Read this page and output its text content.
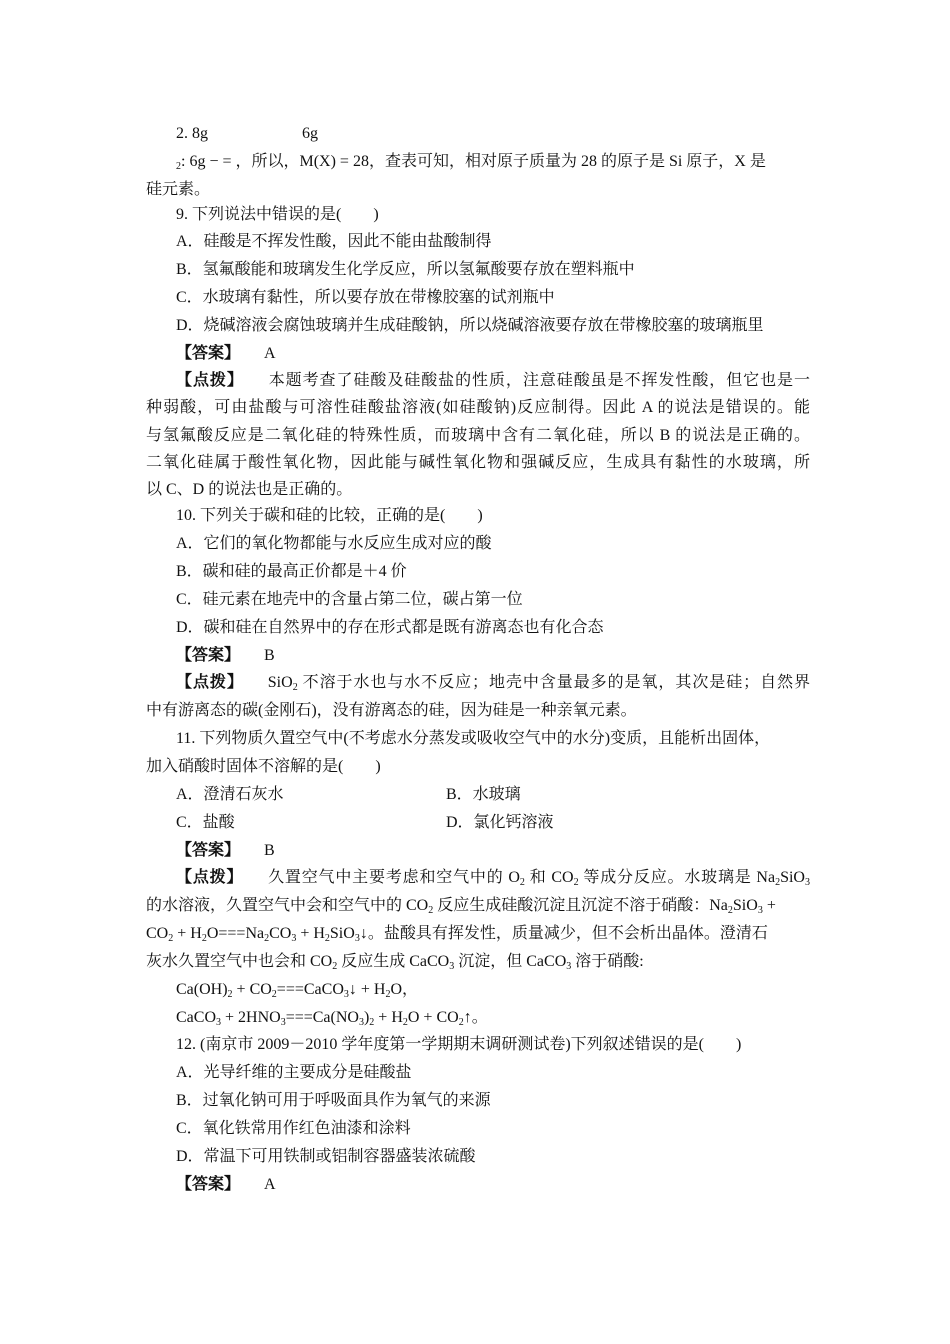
2. 8g	6g
$_2$: 6g − = ，所以，M(X) = 28，查表可知，相对原子质量为 28 的原子是 Si 原子，X 是
硅元素。
9. 下列说法中错误的是(　　)
A．硅酸是不挥发性酸，因此不能由盐酸制得
B．氢氟酸能和玻璃发生化学反应，所以氢氟酸要存放在塑料瓶中
C．水玻璃有黏性，所以要存放在带橡胶塞的试剂瓶中
D．烧碱溶液会腐蚀玻璃并生成硅酸钠，所以烧碱溶液要存放在带橡胶塞的玻璃瓶里
【答案】 A
【点拨】 本题考查了硅酸及硅酸盐的性质，注意硅酸虽是不挥发性酸，但它也是一
种弱酸，可由盐酸与可溶性硅酸盐溶液(如硅酸钠)反应制得。因此 A 的说法是错误的。能
与氢氟酸反应是二氧化硅的特殊性质，而玻璃中含有二氧化硅，所以 B 的说法是正确的。
二氧化硅属于酸性氧化物，因此能与碱性氧化物和强碱反应，生成具有黏性的水玻璃，所
以 C、D 的说法也是正确的。
10. 下列关于碳和硅的比较，正确的是(　　)
A．它们的氧化物都能与水反应生成对应的酸
B．碳和硅的最高正价都是＋4 价
C．硅元素在地壳中的含量占第二位，碳占第一位
D．碳和硅在自然界中的存在形式都是既有游离态也有化合态
【答案】 B
【点拨】 SiO$_2$ 不溶于水也与水不反应；地壳中含量最多的是氧，其次是硅；自然界
中有游离态的碳(金刚石)，没有游离态的硅，因为硅是一种亲氧元素。
11. 下列物质久置空气中(不考虑水分蒸发或吸收空气中的水分)变质，且能析出固体，
加入硝酸时固体不溶解的是(　　)
A．澄清石灰水	B．水玻璃
C．盐酸	D．氯化钙溶液
【答案】 B
【点拨】 久置空气中主要考虑和空气中的 $O_2$ 和 $CO_2$ 等成分反应。水玻璃是 $Na_2SiO_3$
的水溶液，久置空气中会和空气中的 $CO_2$ 反应生成硅酸沉淀且沉淀不溶于硝酸：$Na_2SiO_3$ +
$CO_2 + H_2O===Na_2CO_3$ + $H_2SiO_3↓$。盐酸具有挥发性，质量减少，但不会析出晶体。澄清石
灰水久置空气中也会和 $CO_2$ 反应生成 CaCO$_3$ 沉淀，但 CaCO$_3$ 溶于硝酸:
$Ca(OH)_2$ + $CO_2===CaCO_3↓ + H_2O$，
CaCO$_3$ + $2HNO_3===Ca(NO_3)_2 + H_2O$ + $CO_2↑$。
12. (南京市 2009－2010 学年度第一学期期末调研测试卷)下列叙述错误的是(　　)
A．光导纤维的主要成分是硅酸盐
B．过氧化钠可用于呼吸面具作为氧气的来源
C．氧化铁常用作红色油漆和涂料
D．常温下可用铁制或铝制容器盛装浓硫酸
【答案】 A
